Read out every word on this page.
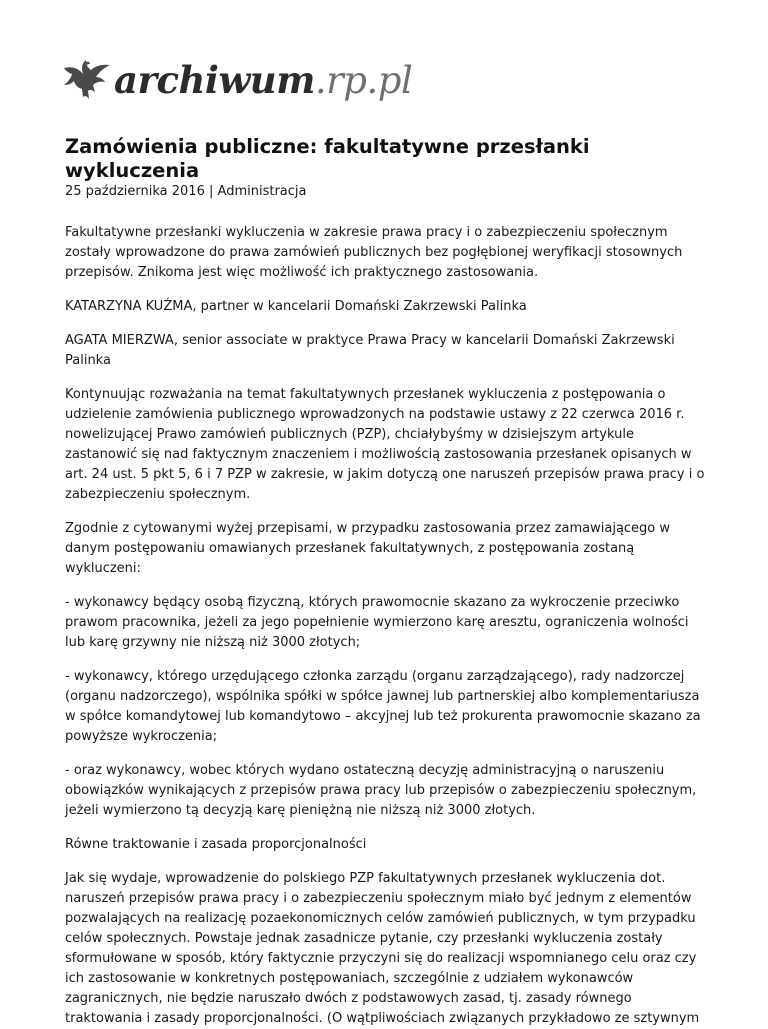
archiwum.rp.pl
Zamówienia publiczne: fakultatywne przesłanki wykluczenia
25 października 2016 | Administracja

Fakultatywne przesłanki wykluczenia w zakresie prawa pracy i o zabezpieczeniu społecznym zostały wprowadzone do prawa zamówień publicznych bez pogłębionej weryfikacji stosownych przepisów. Znikoma jest więc możliwość ich praktycznego zastosowania.

KATARZYNA KUŹMA, partner w kancelarii Domański Zakrzewski Palinka

AGATA MIERZWA, senior associate w praktyce Prawa Pracy w kancelarii Domański Zakrzewski Palinka

Kontynuując rozważania na temat fakultatywnych przesłanek wykluczenia z postępowania o udzielenie zamówienia publicznego wprowadzonych na podstawie ustawy z 22 czerwca 2016 r. nowelizującej Prawo zamówień publicznych (PZP), chciałybyśmy w dzisiejszym artykule zastanowić się nad faktycznym znaczeniem i możliwością zastosowania przesłanek opisanych w art. 24 ust. 5 pkt 5, 6 i 7 PZP w zakresie, w jakim dotyczą one naruszeń przepisów prawa pracy i o zabezpieczeniu społecznym.

Zgodnie z cytowanymi wyżej przepisami, w przypadku zastosowania przez zamawiającego w danym postępowaniu omawianych przesłanek fakultatywnych, z postępowania zostaną wykluczeni:

- wykonawcy będący osobą fizyczną, których prawomocnie skazano za wykroczenie przeciwko prawom pracownika, jeżeli za jego popełnienie wymierzono karę aresztu, ograniczenia wolności lub karę grzywny nie niższą niż 3000 złotych;

- wykonawcy, którego urzędującego członka zarządu (organu zarządzającego), rady nadzorczej (organu nadzorczego), wspólnika spółki w spółce jawnej lub partnerskiej albo komplementariusza w spółce komandytowej lub komandytowo – akcyjnej lub też prokurenta prawomocnie skazano za powyższe wykroczenia;

- oraz wykonawcy, wobec których wydano ostateczną decyzję administracyjną o naruszeniu obowiązków wynikających z przepisów prawa pracy lub przepisów o zabezpieczeniu społecznym, jeżeli wymierzono tą decyzją karę pieniężną nie niższą niż 3000 złotych.

Równe traktowanie i zasada proporcjonalności

Jak się wydaje, wprowadzenie do polskiego PZP fakultatywnych przesłanek wykluczenia dot. naruszeń przepisów prawa pracy i o zabezpieczeniu społecznym miało być jednym z elementów pozwalających na realizację pozaekonomicznych celów zamówień publicznych, w tym przypadku celów społecznych. Powstaje jednak zasadnicze pytanie, czy przesłanki wykluczenia zostały sformułowane w sposób, który faktycznie przyczyni się do realizacji wspomnianego celu oraz czy ich zastosowanie w konkretnych postępowaniach, szczególnie z udziałem wykonawców zagranicznych, nie będzie naruszało dwóch z podstawowych zasad, tj. zasady równego traktowania i zasady proporcjonalności. (O wątpliwościach związanych przykładowo ze sztywnym
